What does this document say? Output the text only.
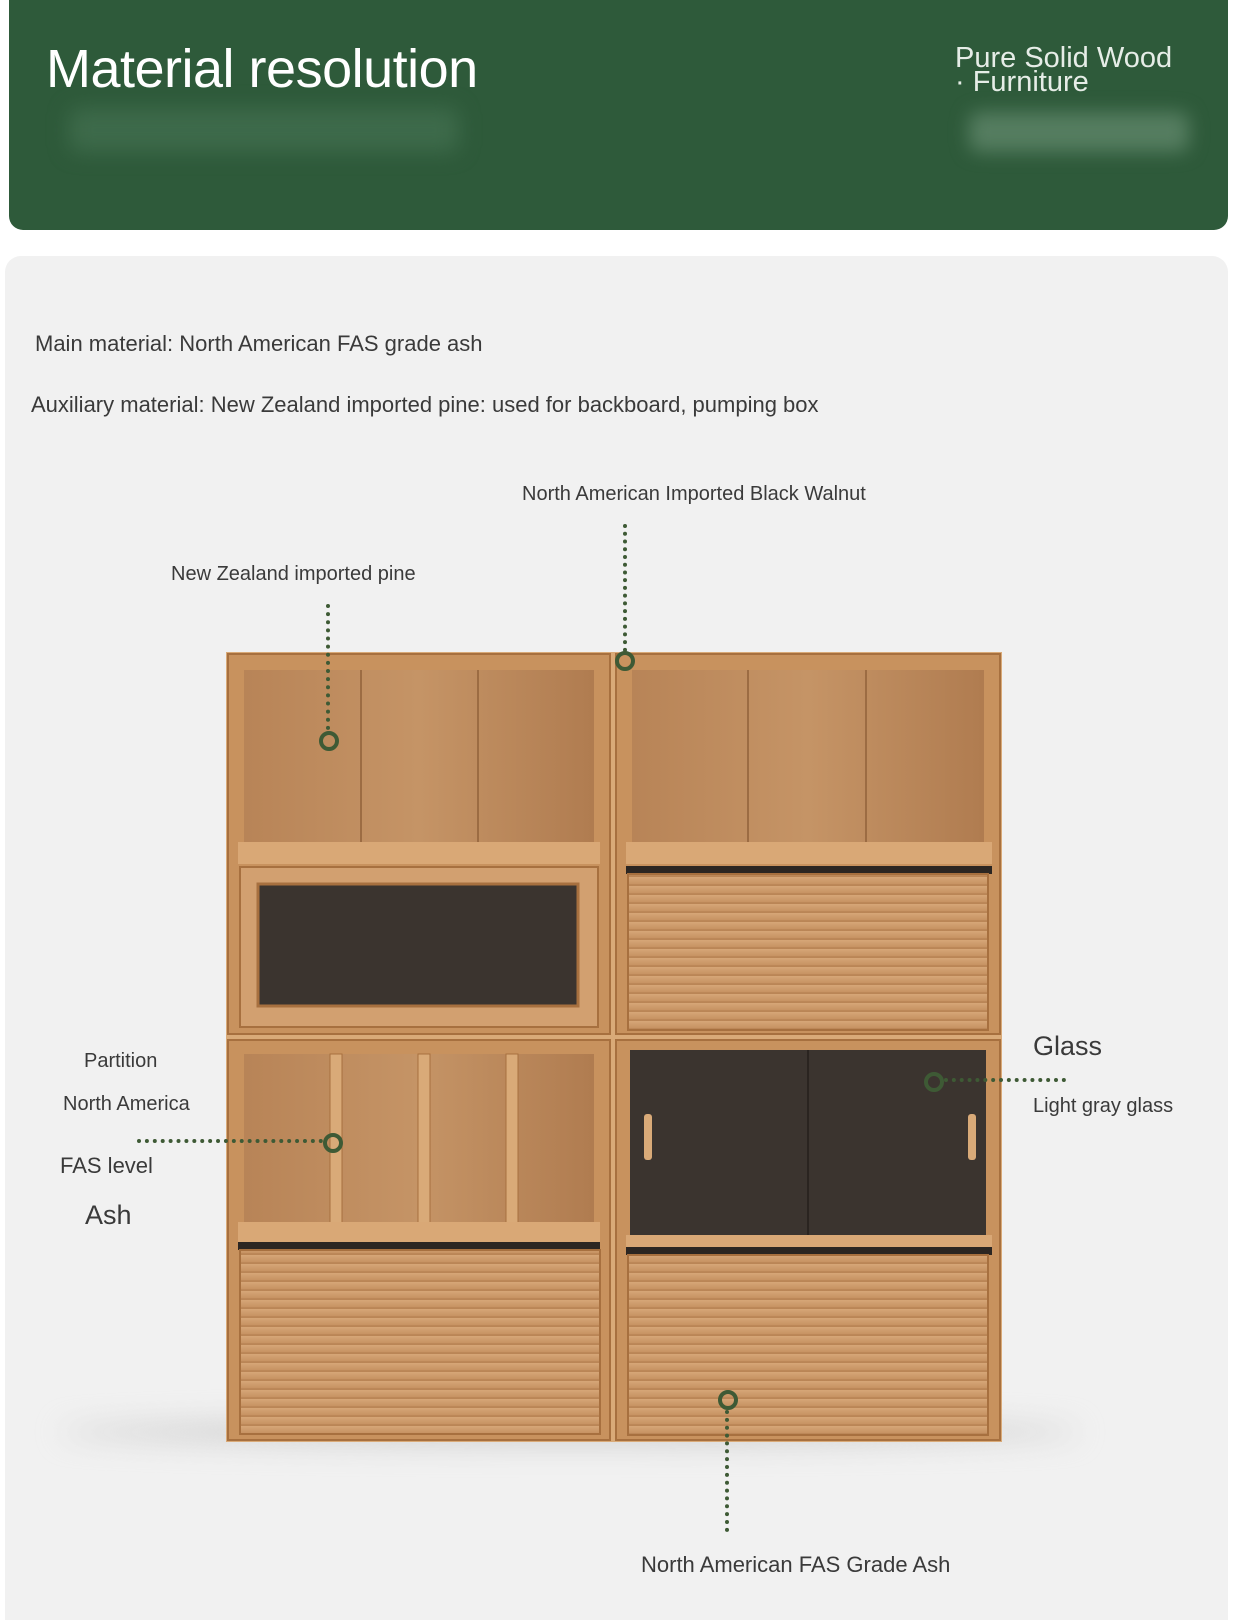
Material resolution	Pure Solid Wood
· Furniture
Main material: North American FAS grade ash
Auxiliary material: New Zealand imported pine: used for backboard, pumping box
North American Imported Black Walnut
New Zealand imported pine
Partition
North America
FAS level
Ash
Glass
Light gray glass
North American FAS Grade Ash
